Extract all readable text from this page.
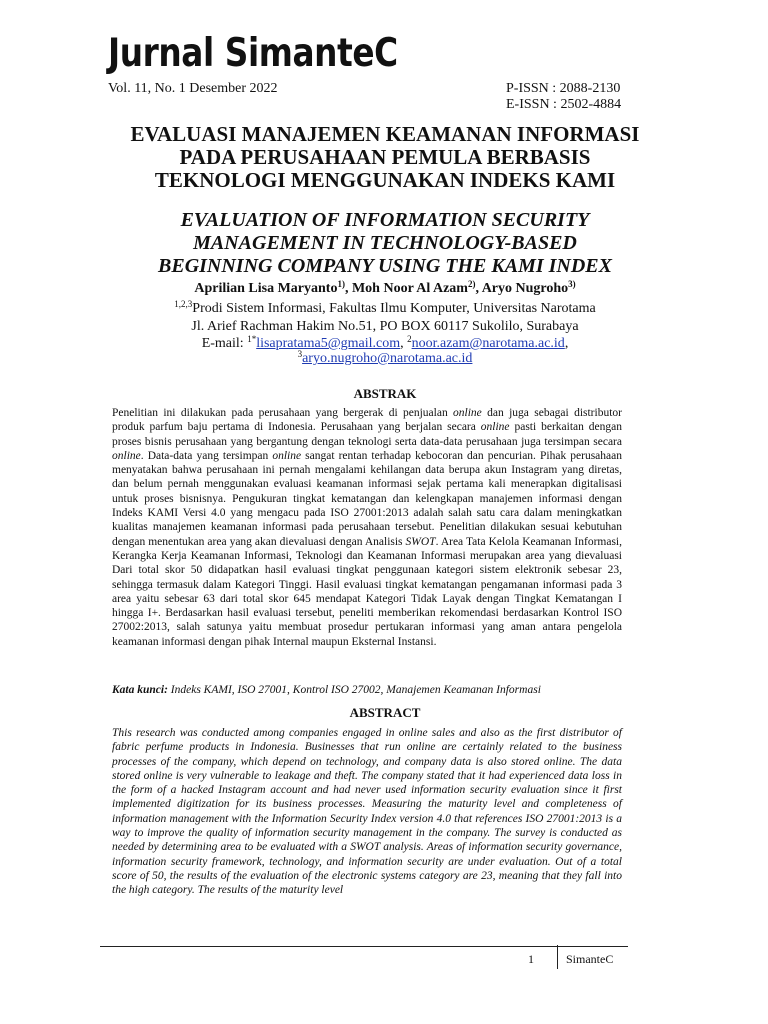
Jurnal SimanteC
Vol. 11, No. 1 Desember 2022	P-ISSN : 2088-2130
E-ISSN : 2502-4884
EVALUASI MANAJEMEN KEAMANAN INFORMASI
PADA PERUSAHAAN PEMULA BERBASIS
TEKNOLOGI MENGGUNAKAN INDEKS KAMI
EVALUATION OF INFORMATION SECURITY
MANAGEMENT IN TECHNOLOGY-BASED
BEGINNING COMPANY USING THE KAMI INDEX
Aprilian Lisa Maryanto$^{1)}$, Moh Noor Al Azam$^{2)}$, Aryo Nugroho$^{3)}$
$^{1,2,3}$Prodi Sistem Informasi, Fakultas Ilmu Komputer, Universitas Narotama
Jl. Arief Rachman Hakim No.51, PO BOX 60117 Sukolilo, Surabaya
E-mail: $^{1*}$lisapratama5@gmail.com, $^2$noor.azam@narotama.ac.id,
$^3$aryo.nugroho@narotama.ac.id
ABSTRAK
Penelitian ini dilakukan pada perusahaan yang bergerak di penjualan online dan juga sebagai distributor produk parfum baju pertama di Indonesia. Perusahaan yang berjalan secara online pasti berkaitan dengan proses bisnis perusahaan yang bergantung dengan teknologi serta data-data perusahaan juga tersimpan secara online. Data-data yang tersimpan online sangat rentan terhadap kebocoran dan pencurian. Pihak perusahaan menyatakan bahwa perusahaan ini pernah mengalami kehilangan data berupa akun Instagram yang diretas, dan belum pernah menggunakan evaluasi keamanan informasi sejak pertama kali menerapkan digitalisasi untuk proses bisnisnya. Pengukuran tingkat kematangan dan kelengkapan manajemen informasi dengan Indeks KAMI Versi 4.0 yang mengacu pada ISO 27001:2013 adalah salah satu cara dalam meningkatkan kualitas manajemen keamanan informasi pada perusahaan tersebut. Penelitian dilakukan sesuai kebutuhan dengan menentukan area yang akan dievaluasi dengan Analisis SWOT. Area Tata Kelola Keamanan Informasi, Kerangka Kerja Keamanan Informasi, Teknologi dan Keamanan Informasi merupakan area yang dievaluasi Dari total skor 50 didapatkan hasil evaluasi tingkat penggunaan kategori sistem elektronik sebesar 23, sehingga termasuk dalam Kategori Tinggi. Hasil evaluasi tingkat kematangan pengamanan informasi pada 3 area yaitu sebesar 63 dari total skor 645 mendapat Kategori Tidak Layak dengan Tingkat Kematangan I hingga I+. Berdasarkan hasil evaluasi tersebut, peneliti memberikan rekomendasi berdasarkan Kontrol ISO 27002:2013, salah satunya yaitu membuat prosedur pertukaran informasi yang aman antara pengelola keamanan informasi dengan pihak Internal maupun Eksternal Instansi.
Kata kunci: Indeks KAMI, ISO 27001, Kontrol ISO 27002, Manajemen Keamanan Informasi
ABSTRACT
This research was conducted among companies engaged in online sales and also as the first distributor of fabric perfume products in Indonesia. Businesses that run online are certainly related to the business processes of the company, which depend on technology, and company data is also stored online. The data stored online is very vulnerable to leakage and theft. The company stated that it had experienced data loss in the form of a hacked Instagram account and had never used information security evaluation since it first implemented digitization for its business processes. Measuring the maturity level and completeness of information management with the Information Security Index version 4.0 that references ISO 27001:2013 is a way to improve the quality of information security management in the company. The survey is conducted as needed by determining area to be evaluated with a SWOT analysis. Areas of information security governance, information security framework, technology, and information security are under evaluation. Out of a total score of 50, the results of the evaluation of the electronic systems category are 23, meaning that they fall into the high category. The results of the maturity level
1	SimanteC
